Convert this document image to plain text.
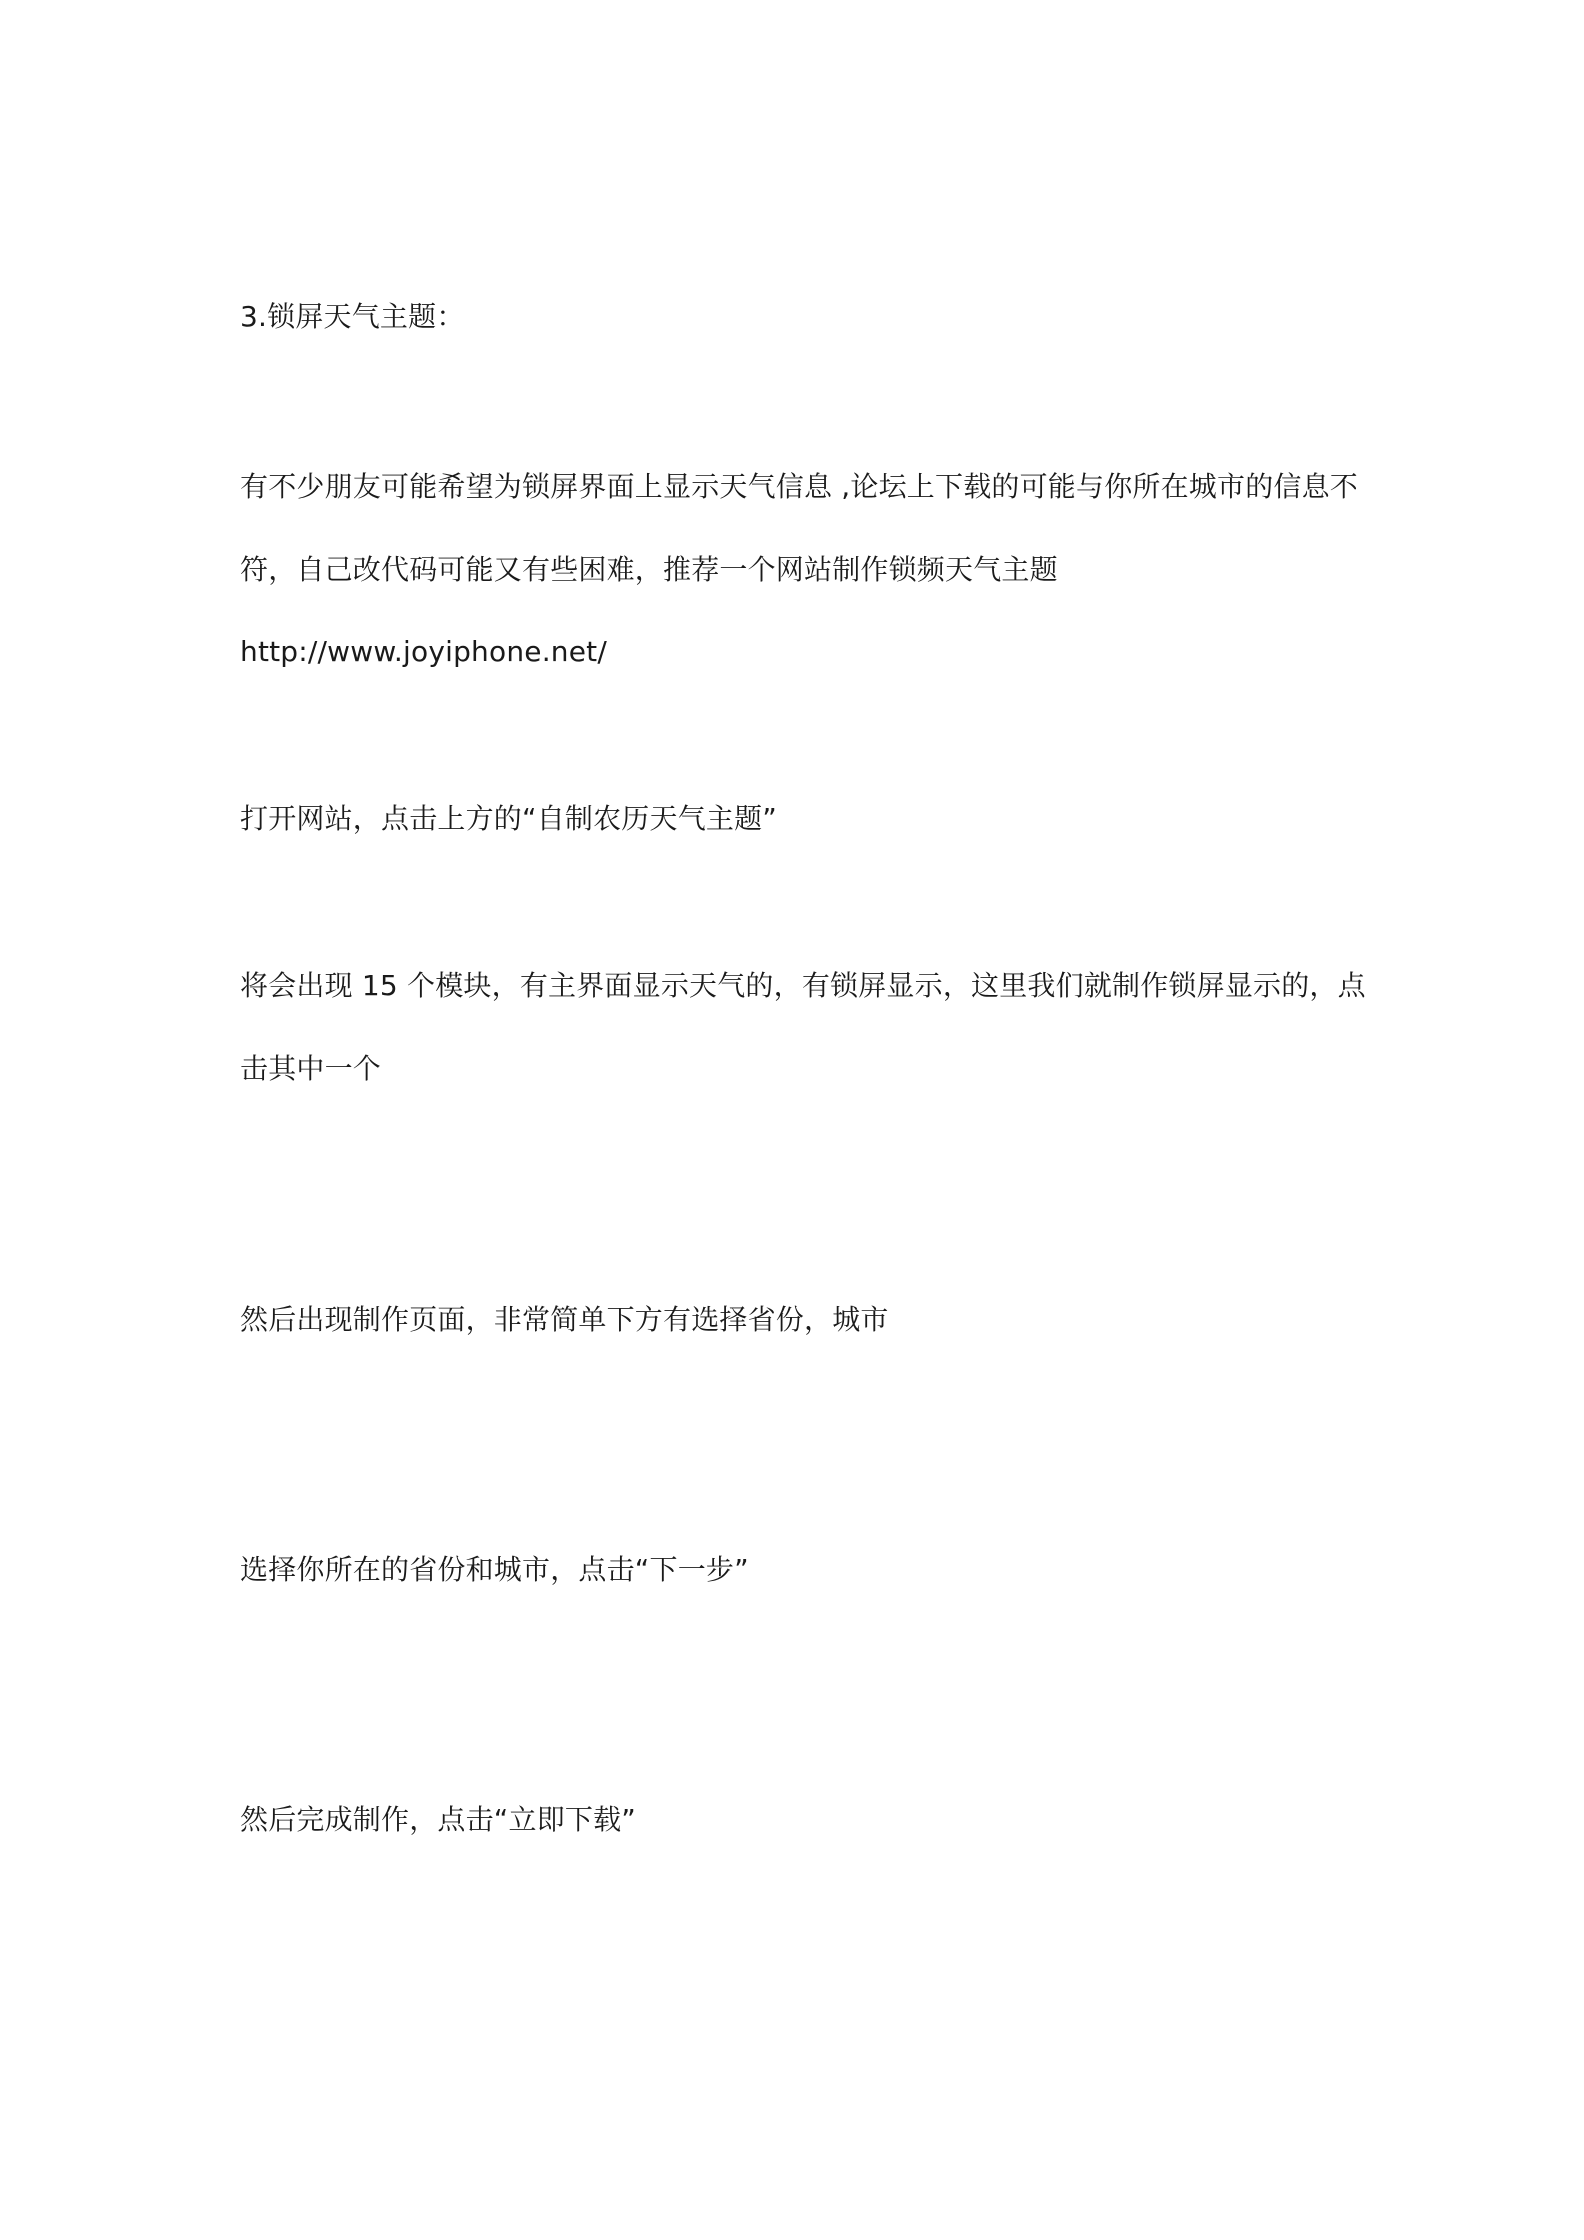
3.锁屏天气主题：

有不少朋友可能希望为锁屏界面上显示天气信息 ,论坛上下载的可能与你所在城市的信息不

符，自己改代码可能又有些困难，推荐一个网站制作锁频天气主题

http://www.joyiphone.net/

打开网站，点击上方的“自制农历天气主题”

将会出现 15 个模块，有主界面显示天气的，有锁屏显示，这里我们就制作锁屏显示的，点

击其中一个

然后出现制作页面，非常简单下方有选择省份，城市

选择你所在的省份和城市，点击“下一步”

然后完成制作，点击“立即下载”
